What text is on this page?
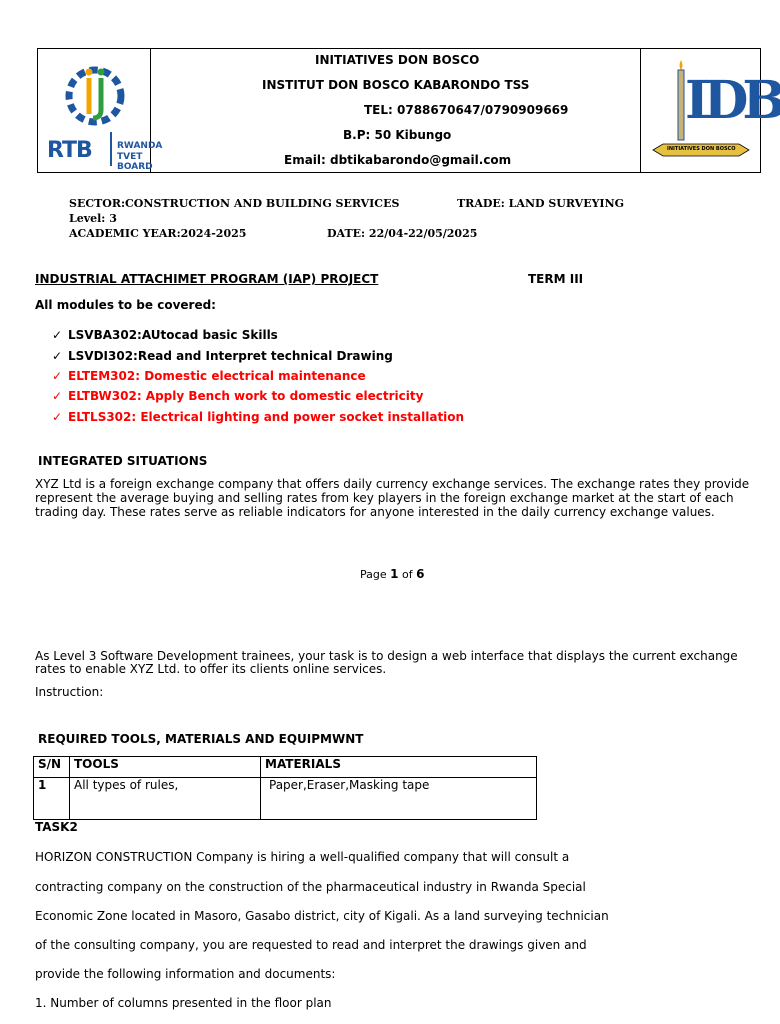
RTB	RWANDA
TVET BOARD
IDB
INITIATIVES DON BOSCO
INITIATIVES DON BOSCO
INSTITUT DON BOSCO KABARONDO TSS
TEL: 0788670647/0790909669
B.P: 50 Kibungo
Email: dbtikabarondo@gmail.com
SECTOR:CONSTRUCTION AND BUILDING SERVICES	TRADE: LAND SURVEYING
Level: 3
ACADEMIC YEAR:2024-2025	DATE: 22/04-22/05/2025
INDUSTRIAL ATTACHIMET PROGRAM (IAP) PROJECT	TERM III
All modules to be covered:
✓ LSVBA302:AUtocad basic Skills
✓ LSVDI302:Read and Interpret technical Drawing
✓ ELTEM302: Domestic electrical maintenance
✓ ELTBW302: Apply Bench work to domestic electricity
✓ ELTLS302: Electrical lighting and power socket installation
INTEGRATED SITUATIONS
XYZ Ltd is a foreign exchange company that offers daily currency exchange services. The exchange rates they provide
represent the average buying and selling rates from key players in the foreign exchange market at the start of each
trading day. These rates serve as reliable indicators for anyone interested in the daily currency exchange values.
Page 1 of 6
As Level 3 Software Development trainees, your task is to design a web interface that displays the current exchange
rates to enable XYZ Ltd. to offer its clients online services.
Instruction:
REQUIRED TOOLS, MATERIALS AND EQUIPMWNT
S/N	TOOLS	MATERIALS
1	All types of rules,	Paper,Eraser,Masking tape
TASK2
HORIZON CONSTRUCTION Company is hiring a well-qualified company that will consult a
contracting company on the construction of the pharmaceutical industry in Rwanda Special
Economic Zone located in Masoro, Gasabo district, city of Kigali. As a land surveying technician
of the consulting company, you are requested to read and interpret the drawings given and
provide the following information and documents:
1. Number of columns presented in the floor plan
